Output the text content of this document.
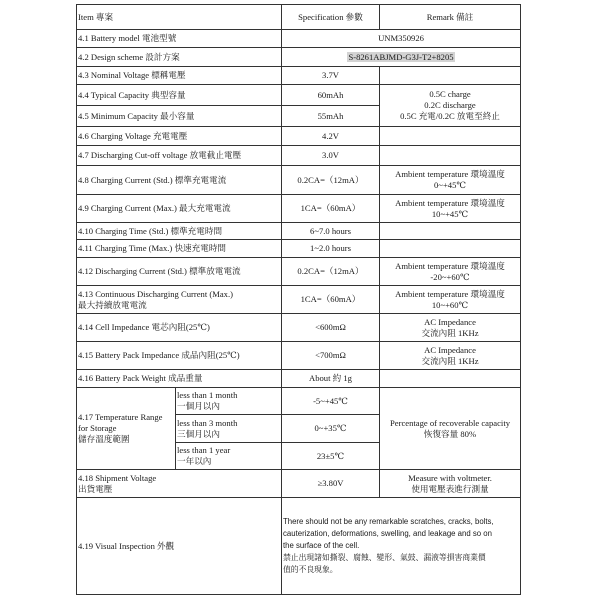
Item 專案		Specification 參數	Remark 備註
4.1 Battery model 電池型號		UNM350926	
4.2 Design scheme 設計方案		S-8261ABJMD-G3J-T2+8205	
4.3 Nominal Voltage 標稱電壓		3.7V	
4.4 Typical Capacity 典型容量		60mAh	0.5C charge
0.2C discharge
0.5C 充電/0.2C 放電至終止

4.5 Minimum Capacity 最小容量		55mAh	
4.6 Charging Voltage 充電電壓		4.2V	
4.7 Discharging Cut-off voltage 放電截止電壓		3.0V	
4.8 Charging Current (Std.) 標準充電電流		0.2CA=（12mA）	Ambient temperature 環境溫度
0~+45℃

4.9 Charging Current (Max.) 最大充電電流		1CA=（60mA）	Ambient temperature 環境溫度
10~+45℃

4.10 Charging Time (Std.) 標準充電時間		6~7.0 hours	
4.11 Charging Time (Max.) 快速充電時間		1~2.0 hours	
4.12 Discharging Current (Std.) 標準放電電流		0.2CA=（12mA）	Ambient temperature 環境溫度
-20~+60℃

4.13 Continuous Discharging Current (Max.)
最大持續放電電流		1CA=（60mA）	Ambient temperature 環境溫度
10~+60℃

4.14 Cell Impedance 電芯內阻(25℃)		<600mΩ	AC Impedance
交流內阻 1KHz

4.15 Battery Pack Impedance 成品內阻(25℃)		<700mΩ	AC Impedance
交流內阻 1KHz

4.16 Battery Pack Weight 成品重量		About 約 1g	

4.17 Temperature Range
for Storage
儲存溫度範圍	less than 1 month
一個月以內	-5~+45℃	Percentage of recoverable capacity
恢復容量 80%

	less than 3 month
三個月以內	0~+35℃	

	less than 1 year
一年以內	23±5℃	

4.18 Shipment Voltage
出貨電壓		≥3.80V	Measure with voltmeter.
使用電壓表進行測量

4.19 Visual Inspection 外觀		There should not be any remarkable scratches, cracks, bolts,
cauterization, deformations, swelling, and leakage and so on
the surface of the cell.
禁止出現諸如撕裂、腐蝕、變形、氣鼓、漏液等損害商業價
值的不良現象。	
